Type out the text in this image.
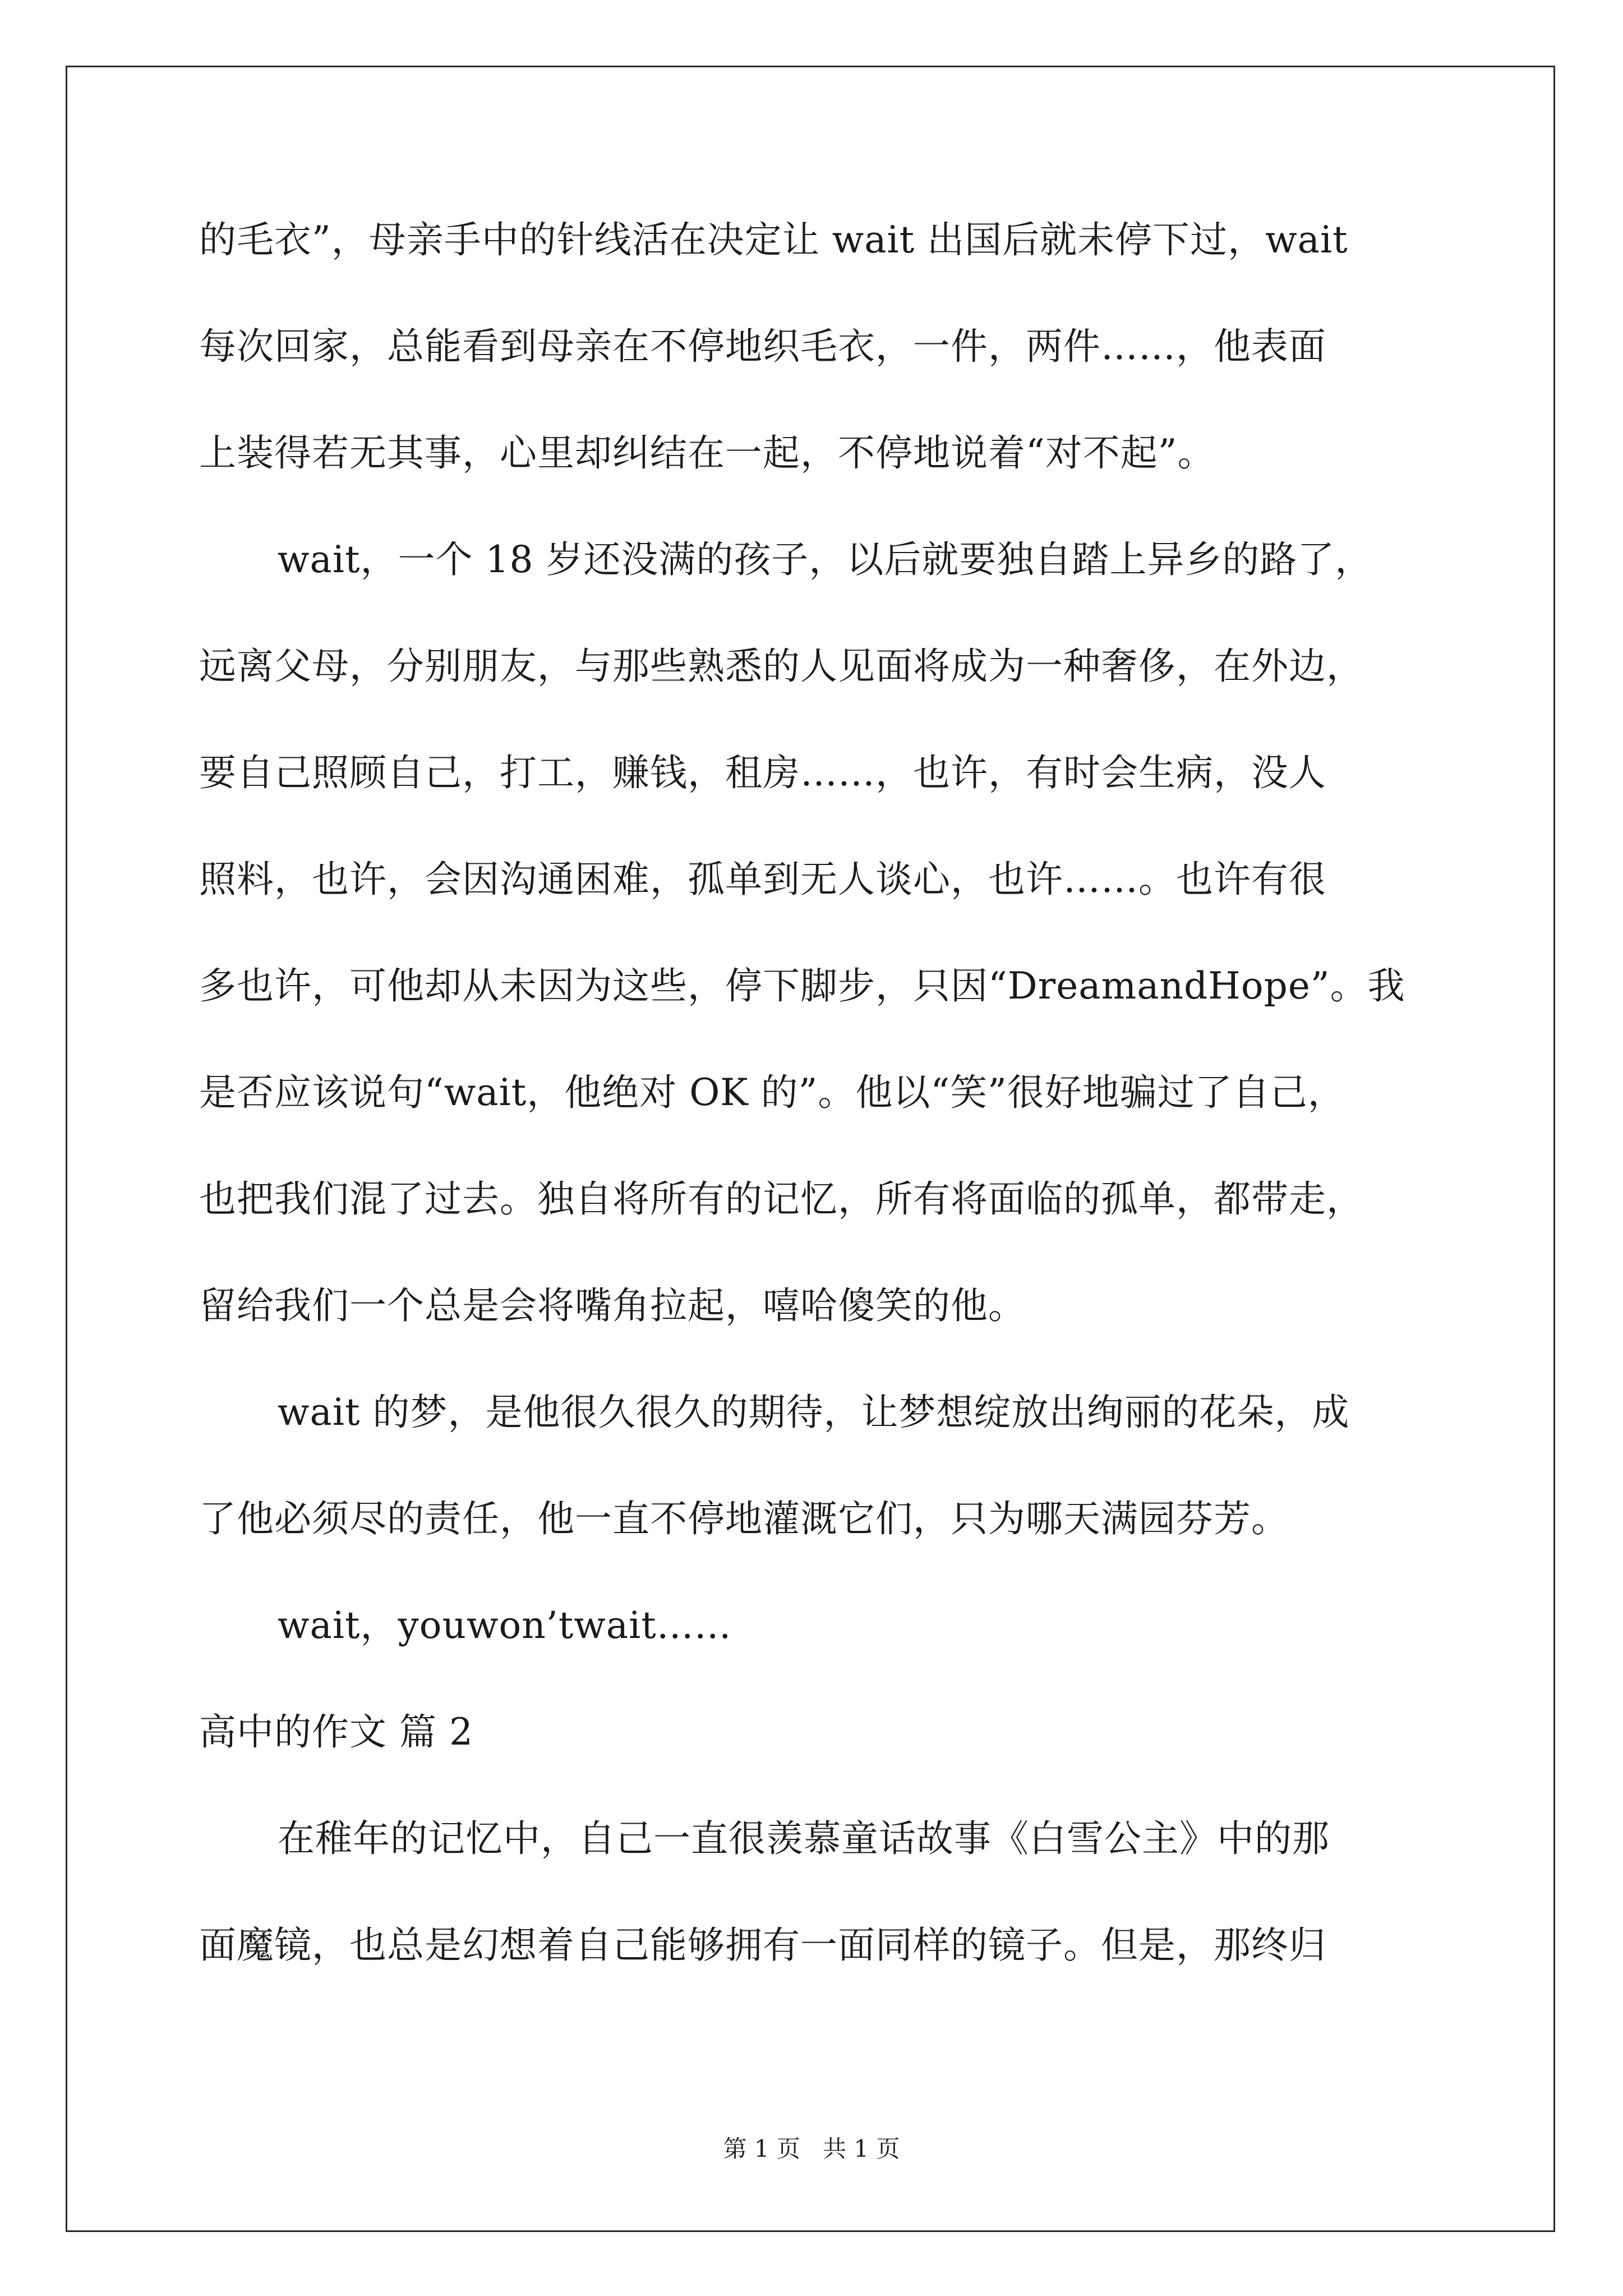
的毛衣”，母亲手中的针线活在决定让 wait 出国后就未停下过，wait
每次回家，总能看到母亲在不停地织毛衣，一件，两件……，他表面
上装得若无其事，心里却纠结在一起，不停地说着“对不起”。
wait，一个 18 岁还没满的孩子，以后就要独自踏上异乡的路了，
远离父母，分别朋友，与那些熟悉的人见面将成为一种奢侈，在外边，
要自己照顾自己，打工，赚钱，租房……，也许，有时会生病，没人
照料，也许，会因沟通困难，孤单到无人谈心，也许……。也许有很
多也许，可他却从未因为这些，停下脚步，只因“DreamandHope”。我
是否应该说句“wait，他绝对 OK 的”。他以“笑”很好地骗过了自己，
也把我们混了过去。独自将所有的记忆，所有将面临的孤单，都带走，
留给我们一个总是会将嘴角拉起，嘻哈傻笑的他。
wait 的梦，是他很久很久的期待，让梦想绽放出绚丽的花朵，成
了他必须尽的责任，他一直不停地灌溉它们，只为哪天满园芬芳。
wait，youwon’twait……
高中的作文 篇 2
在稚年的记忆中，自己一直很羡慕童话故事《白雪公主》中的那
面魔镜，也总是幻想着自己能够拥有一面同样的镜子。但是，那终归
第 1 页 共 1 页
